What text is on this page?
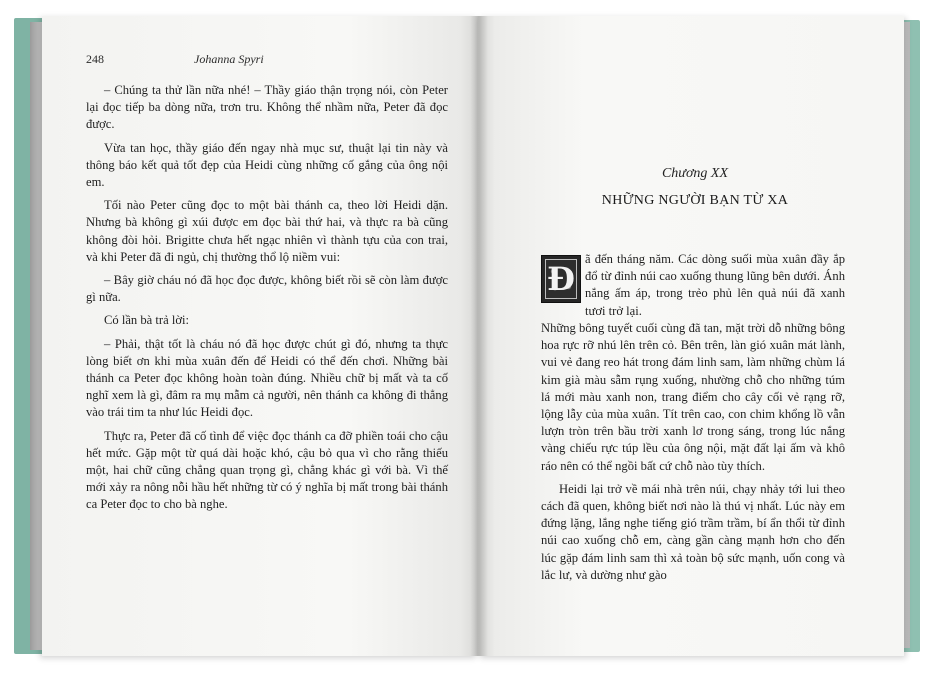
248	Johanna Spyri

– Chúng ta thử lần nữa nhé! – Thầy giáo thận trọng nói, còn Peter lại đọc tiếp ba dòng nữa, trơn tru. Không thể nhầm nữa, Peter đã đọc được.

Vừa tan học, thầy giáo đến ngay nhà mục sư, thuật lại tin này và thông báo kết quả tốt đẹp của Heidi cùng những cố gắng của ông nội em.

Tối nào Peter cũng đọc to một bài thánh ca, theo lời Heidi dặn. Nhưng bà không gì xúi được em đọc bài thứ hai, và thực ra bà cũng không đòi hỏi. Brigitte chưa hết ngạc nhiên vì thành tựu của con trai, và khi Peter đã đi ngủ, chị thường thổ lộ niềm vui:

– Bây giờ cháu nó đã học đọc được, không biết rồi sẽ còn làm được gì nữa.

Có lần bà trả lời:

– Phải, thật tốt là cháu nó đã học được chút gì đó, nhưng ta thực lòng biết ơn khi mùa xuân đến để Heidi có thể đến chơi. Những bài thánh ca Peter đọc không hoàn toàn đúng. Nhiều chữ bị mất và ta cố nghĩ xem là gì, đâm ra mụ mẫm cả người, nên thánh ca không đi thẳng vào trái tim ta như lúc Heidi đọc.

Thực ra, Peter đã cố tình để việc đọc thánh ca đỡ phiền toái cho cậu hết mức. Gặp một từ quá dài hoặc khó, cậu bỏ qua vì cho rằng thiếu một, hai chữ cũng chẳng quan trọng gì, chẳng khác gì với bà. Vì thế mới xảy ra nông nỗi hầu hết những từ có ý nghĩa bị mất trong bài thánh ca Peter đọc to cho bà nghe.

Chương XX
NHỮNG NGƯỜI BẠN TỪ XA
Đ
ã đến tháng năm. Các dòng suối mùa xuân đầy ắp đổ từ đỉnh núi cao xuống thung lũng bên dưới. Ánh nắng ấm áp, trong trẻo phủ lên quả núi đã xanh tươi trở lại.

Những bông tuyết cuối cùng đã tan, mặt trời dỗ những bông hoa rực rỡ nhú lên trên cỏ. Bên trên, làn gió xuân mát lành, vui vẻ đang reo hát trong đám linh sam, làm những chùm lá kim già màu sẫm rụng xuống, nhường chỗ cho những túm lá mới màu xanh non, trang điểm cho cây cối vẻ rạng rỡ, lộng lẫy của mùa xuân. Tít trên cao, con chim khổng lồ vẫn lượn tròn trên bầu trời xanh lơ trong sáng, trong lúc nắng vàng chiếu rực túp lều của ông nội, mặt đất lại ấm và khô ráo nên có thể ngồi bất cứ chỗ nào tùy thích.

Heidi lại trở về mái nhà trên núi, chạy nhảy tới lui theo cách đã quen, không biết nơi nào là thú vị nhất. Lúc này em đứng lặng, lắng nghe tiếng gió trầm trầm, bí ẩn thổi từ đỉnh núi cao xuống chỗ em, càng gần càng mạnh hơn cho đến lúc gặp đám linh sam thì xả toàn bộ sức mạnh, uốn cong và lắc lư, và dường như gào
